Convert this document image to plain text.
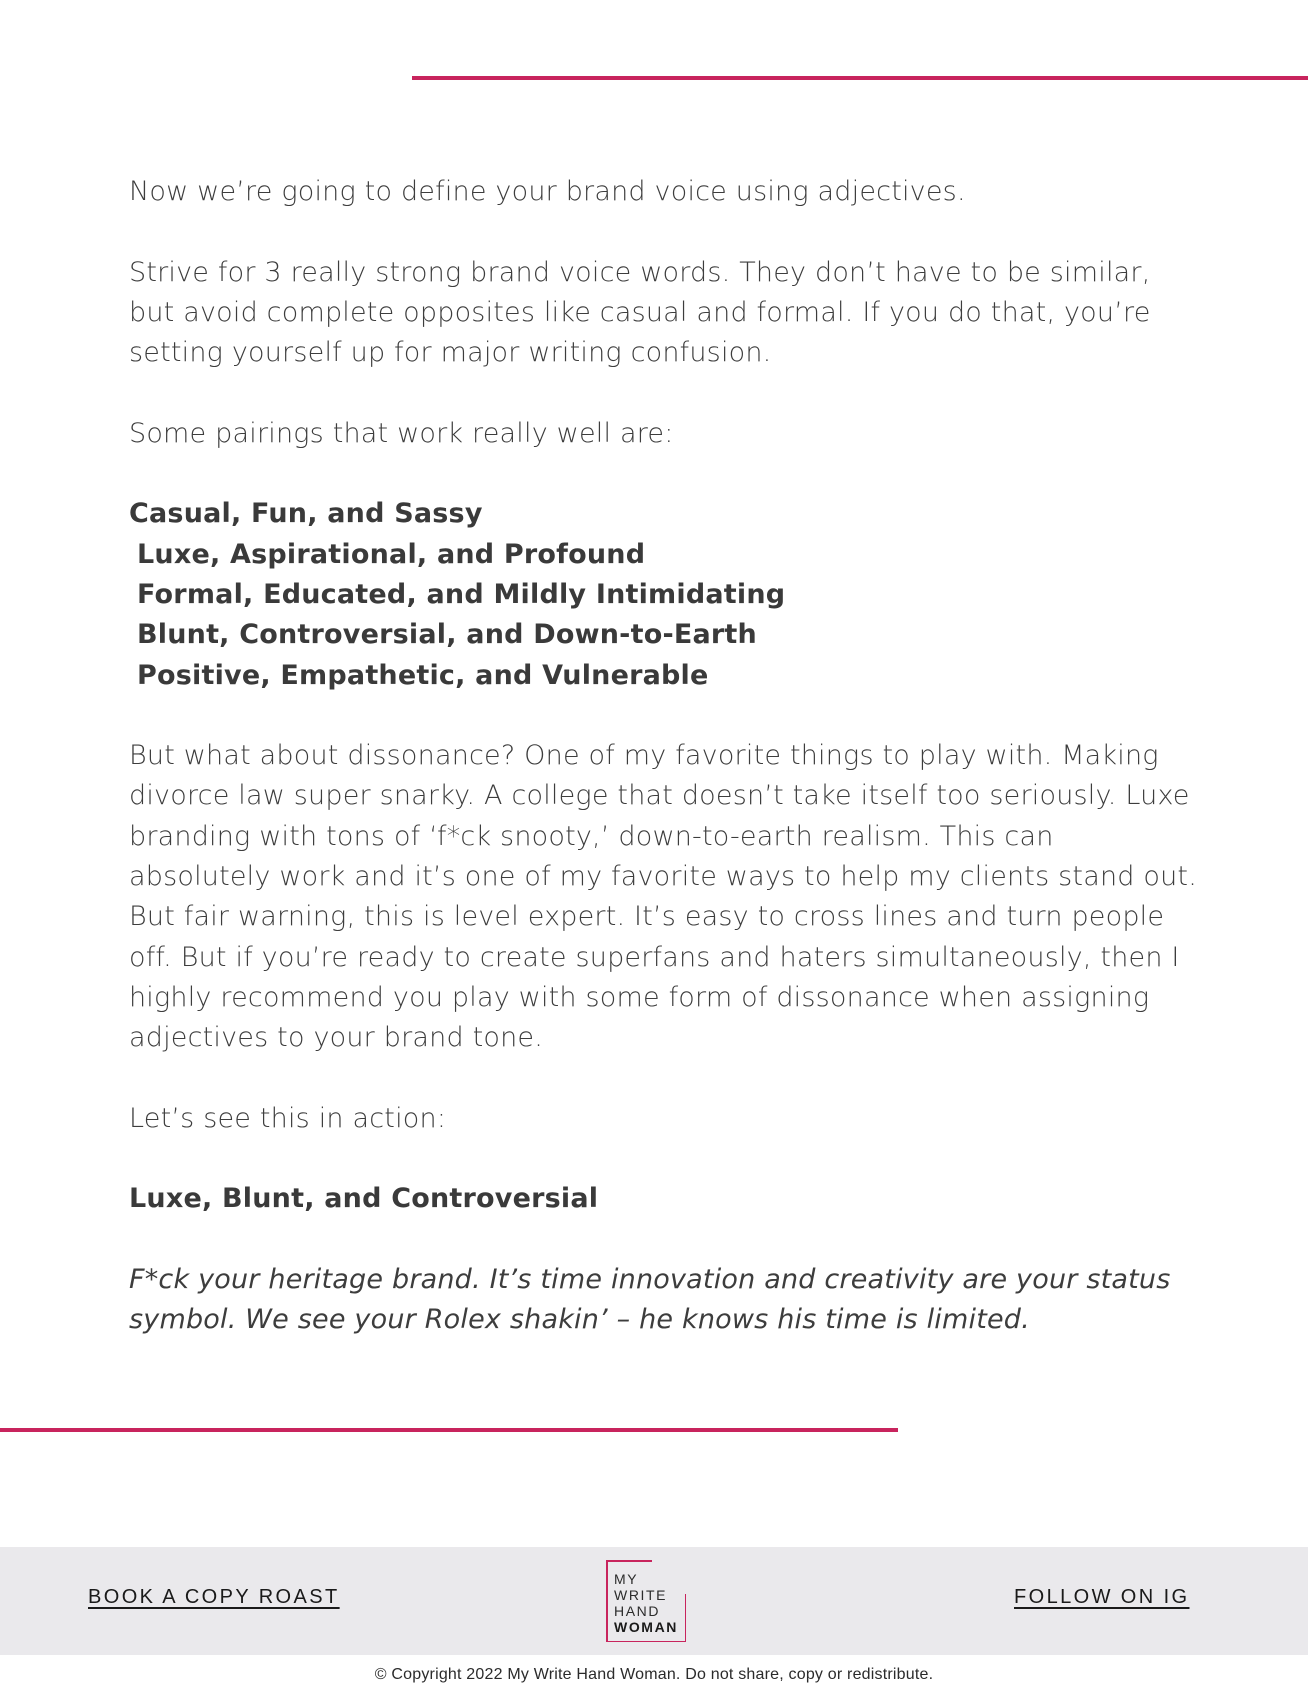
Now we’re going to define your brand voice using adjectives.

Strive for 3 really strong brand voice words. They don’t have to be similar, but avoid complete opposites like casual and formal. If you do that, you’re setting yourself up for major writing confusion.

Some pairings that work really well are:

Casual, Fun, and Sassy
Luxe, Aspirational, and Profound
Formal, Educated, and Mildly Intimidating
Blunt, Controversial, and Down-to-Earth
Positive, Empathetic, and Vulnerable

But what about dissonance? One of my favorite things to play with. Making divorce law super snarky. A college that doesn’t take itself too seriously. Luxe branding with tons of ‘f*ck snooty,’ down-to-earth realism. This can absolutely work and it’s one of my favorite ways to help my clients stand out. But fair warning, this is level expert. It’s easy to cross lines and turn people off. But if you’re ready to create superfans and haters simultaneously, then I highly recommend you play with some form of dissonance when assigning adjectives to your brand tone.

Let’s see this in action:

Luxe, Blunt, and Controversial

F*ck your heritage brand. It’s time innovation and creativity are your status symbol. We see your Rolex shakin’ – he knows his time is limited.

BOOK A COPY ROAST
MY
WRITE
HAND
WOMAN
FOLLOW ON IG
© Copyright 2022 My Write Hand Woman. Do not share, copy or redistribute.
